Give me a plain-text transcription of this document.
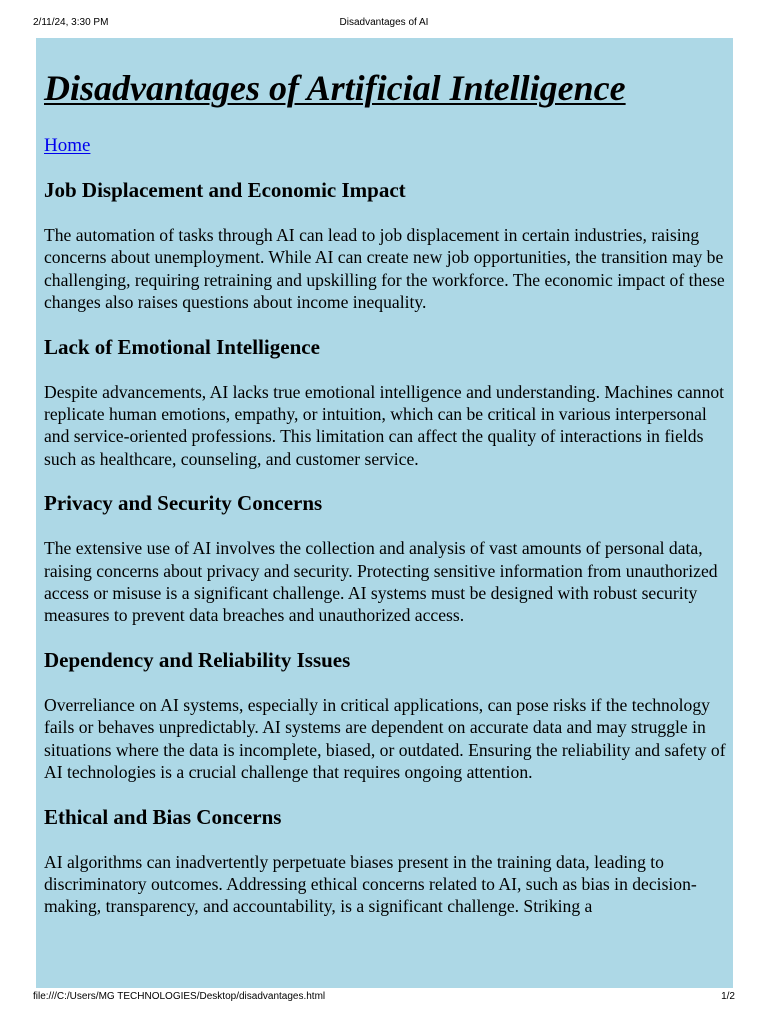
2/11/24, 3:30 PM	Disadvantages of AI
Disadvantages of Artificial Intelligence
Home
Job Displacement and Economic Impact

The automation of tasks through AI can lead to job displacement in certain industries, raising concerns about unemployment. While AI can create new job opportunities, the transition may be challenging, requiring retraining and upskilling for the workforce. The economic impact of these changes also raises questions about income inequality.

Lack of Emotional Intelligence

Despite advancements, AI lacks true emotional intelligence and understanding. Machines cannot replicate human emotions, empathy, or intuition, which can be critical in various interpersonal and service-oriented professions. This limitation can affect the quality of interactions in fields such as healthcare, counseling, and customer service.

Privacy and Security Concerns

The extensive use of AI involves the collection and analysis of vast amounts of personal data, raising concerns about privacy and security. Protecting sensitive information from unauthorized access or misuse is a significant challenge. AI systems must be designed with robust security measures to prevent data breaches and unauthorized access.

Dependency and Reliability Issues

Overreliance on AI systems, especially in critical applications, can pose risks if the technology fails or behaves unpredictably. AI systems are dependent on accurate data and may struggle in situations where the data is incomplete, biased, or outdated. Ensuring the reliability and safety of AI technologies is a crucial challenge that requires ongoing attention.

Ethical and Bias Concerns

AI algorithms can inadvertently perpetuate biases present in the training data, leading to discriminatory outcomes. Addressing ethical concerns related to AI, such as bias in decision-making, transparency, and accountability, is a significant challenge. Striking a

file:///C:/Users/MG TECHNOLOGIES/Desktop/disadvantages.html	1/2
